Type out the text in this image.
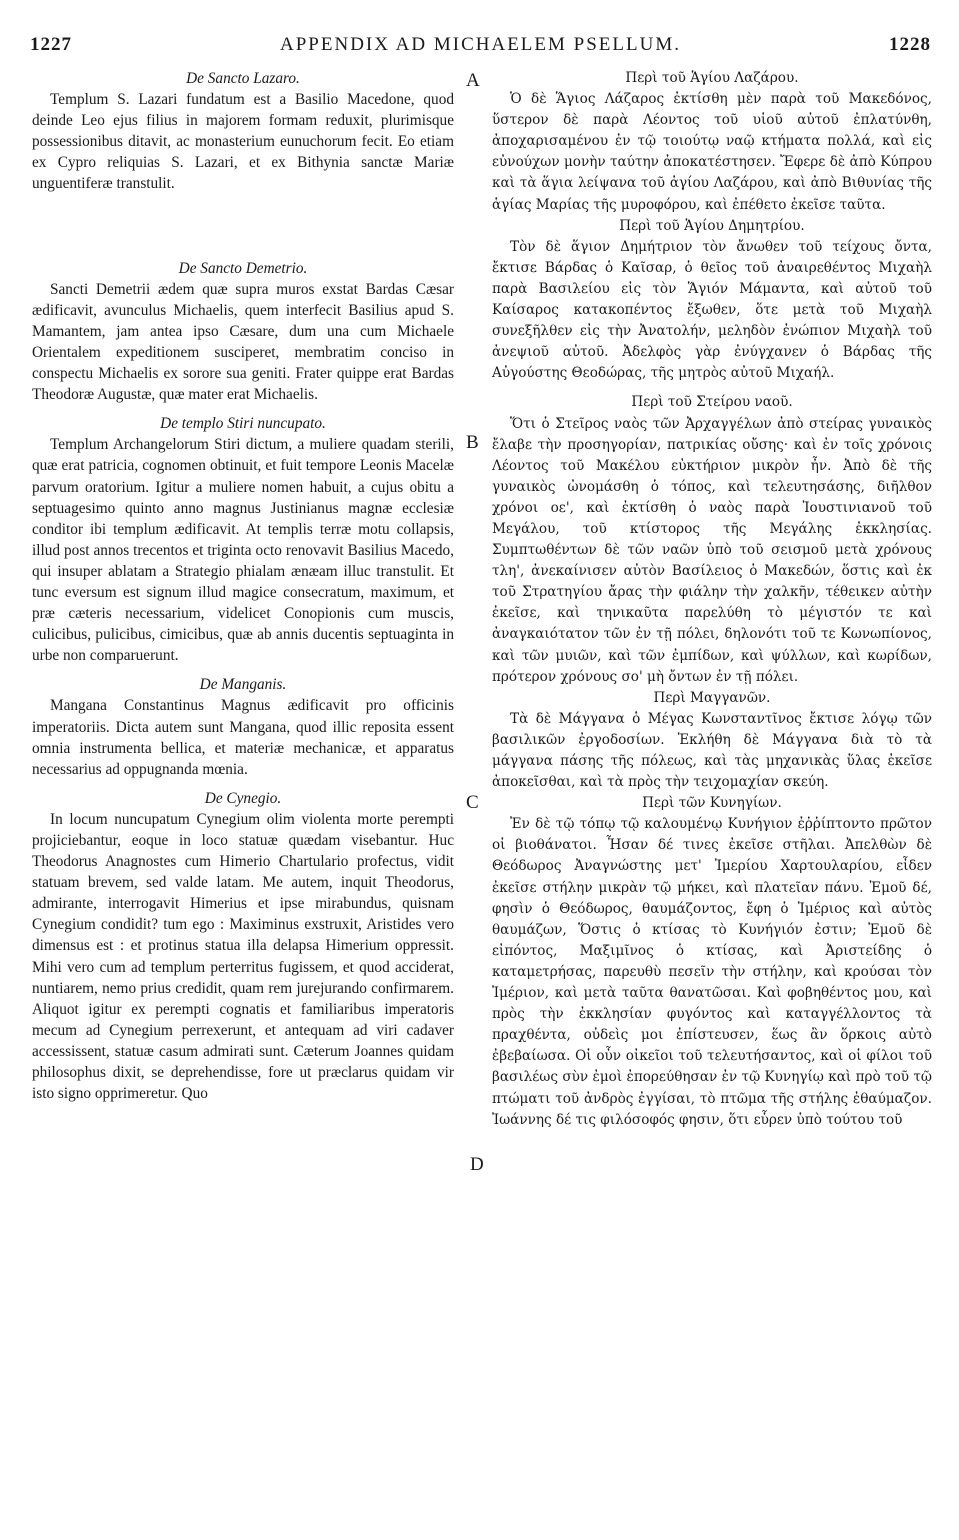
1227	APPENDIX AD MICHAELEM PSELLUM.	1228
A
B
C
D

De Sancto Lazaro.

Templum S. Lazari fundatum est a Basilio Macedone, quod deinde Leo ejus filius in majorem formam reduxit, plurimisque possessionibus ditavit, ac monasterium eunuchorum fecit. Eo etiam ex Cypro reliquias S. Lazari, et ex Bithynia sanctæ Mariæ unguentiferæ transtulit.

De Sancto Demetrio.

Sancti Demetrii ædem quæ supra muros exstat Bardas Cæsar ædificavit, avunculus Michaelis, quem interfecit Basilius apud S. Mamantem, jam antea ipso Cæsare, dum una cum Michaele Orientalem expeditionem susciperet, membratim conciso in conspectu Michaelis ex sorore sua geniti. Frater quippe erat Bardas Theodoræ Augustæ, quæ mater erat Michaelis.

De templo Stiri nuncupato.

Templum Archangelorum Stiri dictum, a muliere quadam sterili, quæ erat patricia, cognomen obtinuit, et fuit tempore Leonis Macelæ parvum oratorium. Igitur a muliere nomen habuit, a cujus obitu a septuagesimo quinto anno magnus Justinianus magnæ ecclesiæ conditor ibi templum ædificavit. At templis terræ motu collapsis, illud post annos trecentos et triginta octo renovavit Basilius Macedo, qui insuper ablatam a Strategio phialam ænæam illuc transtulit. Et tunc eversum est signum illud magice consecratum, maximum, et præ cæteris necessarium, videlicet Conopionis cum muscis, culicibus, pulicibus, cimicibus, quæ ab annis ducentis septuaginta in urbe non comparuerunt.

De Manganis.

Mangana Constantinus Magnus ædificavit pro officinis imperatoriis. Dicta autem sunt Mangana, quod illic reposita essent omnia instrumenta bellica, et materiæ mechanicæ, et apparatus necessarius ad oppugnanda mœnia.

De Cynegio.

In locum nuncupatum Cynegium olim violenta morte perempti projiciebantur, eoque in loco statuæ quædam visebantur. Huc Theodorus Anagnostes cum Himerio Chartulario profectus, vidit statuam brevem, sed valde latam. Me autem, inquit Theodorus, admirante, interrogavit Himerius et ipse mirabundus, quisnam Cynegium condidit? tum ego : Maximinus exstruxit, Aristides vero dimensus est : et protinus statua illa delapsa Himerium oppressit. Mihi vero cum ad templum perterritus fugissem, et quod acciderat, nuntiarem, nemo prius credidit, quam rem jurejurando confirmarem. Aliquot igitur ex perempti cognatis et familiaribus imperatoris mecum ad Cynegium perrexerunt, et antequam ad viri cadaver accessissent, statuæ casum admirati sunt. Cæterum Joannes quidam philosophus dixit, se deprehendisse, fore ut præclarus quidam vir isto signo opprimeretur. Quo

Περὶ τοῦ Ἁγίου Λαζάρου.

Ὁ δὲ Ἅγιος Λάζαρος ἐκτίσθη μὲν παρὰ τοῦ Μακεδόνος, ὕστερον δὲ παρὰ Λέοντος τοῦ υἱοῦ αὐτοῦ ἐπλατύνθη, ἀποχαρισαμένου ἐν τῷ τοιούτῳ ναῷ κτήματα πολλά, καὶ εἰς εὐνούχων μονὴν ταύτην ἀποκατέστησεν. Ἔφερε δὲ ἀπὸ Κύπρου καὶ τὰ ἅγια λείψανα τοῦ ἁγίου Λαζάρου, καὶ ἀπὸ Βιθυνίας τῆς ἁγίας Μαρίας τῆς μυροφόρου, καὶ ἐπέθετο ἐκεῖσε ταῦτα.

Περὶ τοῦ Ἁγίου Δημητρίου.

Τὸν δὲ ἅγιον Δημήτριον τὸν ἄνωθεν τοῦ τείχους ὄντα, ἔκτισε Βάρδας ὁ Καῖσαρ, ὁ θεῖος τοῦ ἀναιρεθέντος Μιχαὴλ παρὰ Βασιλείου εἰς τὸν Ἅγιόν Μάμαντα, καὶ αὐτοῦ τοῦ Καίσαρος κατακοπέντος ἔξωθεν, ὅτε μετὰ τοῦ Μιχαὴλ συνεξῆλθεν εἰς τὴν Ἀνατολήν, μεληδὸν ἐνώπιον Μιχαὴλ τοῦ ἀνεψιοῦ αὐτοῦ. Ἀδελφὸς γὰρ ἐνύγχανεν ὁ Βάρδας τῆς Αὐγούστης Θεοδώρας, τῆς μητρὸς αὐτοῦ Μιχαήλ.

Περὶ τοῦ Στείρου ναοῦ.

Ὅτι ὁ Στεῖρος ναὸς τῶν Ἀρχαγγέλων ἀπὸ στείρας γυναικὸς ἔλαβε τὴν προσηγορίαν, πατρικίας οὔσης· καὶ ἐν τοῖς χρόνοις Λέοντος τοῦ Μακέλου εὐκτήριον μικρὸν ἦν. Ἀπὸ δὲ τῆς γυναικὸς ὠνομάσθη ὁ τόπος, καὶ τελευτησάσης, διῆλθον χρόνοι οε', καὶ ἐκτίσθη ὁ ναὸς παρὰ Ἰουστινιανοῦ τοῦ Μεγάλου, τοῦ κτίστορος τῆς Μεγάλης ἐκκλησίας. Συμπτωθέντων δὲ τῶν ναῶν ὑπὸ τοῦ σεισμοῦ μετὰ χρόνους τλη', ἀνεκαίνισεν αὐτὸν Βασίλειος ὁ Μακεδών, ὅστις καὶ ἐκ τοῦ Στρατηγίου ἄρας τὴν φιάλην τὴν χαλκῆν, τέθεικεν αὐτὴν ἐκεῖσε, καὶ τηνικαῦτα παρελύθη τὸ μέγιστόν τε καὶ ἀναγκαιότατον τῶν ἐν τῇ πόλει, δηλονότι τοῦ τε Κωνωπίονος, καὶ τῶν μυιῶν, καὶ τῶν ἐμπίδων, καὶ ψύλλων, καὶ κωρίδων, πρότερον χρόνους σο' μὴ ὄντων ἐν τῇ πόλει.

Περὶ Μαγγανῶν.

Τὰ δὲ Μάγγανα ὁ Μέγας Κωνσταντῖνος ἔκτισε λόγῳ τῶν βασιλικῶν ἐργοδοσίων. Ἐκλήθη δὲ Μάγγανα διὰ τὸ τὰ μάγγανα πάσης τῆς πόλεως, καὶ τὰς μηχανικὰς ὕλας ἐκεῖσε ἀποκεῖσθαι, καὶ τὰ πρὸς τὴν τειχομαχίαν σκεύη.

Περὶ τῶν Κυνηγίων.

Ἐν δὲ τῷ τόπῳ τῷ καλουμένῳ Κυνήγιον ἐῤῥίπτοντο πρῶτον οἱ βιοθάνατοι. Ἦσαν δέ τινες ἐκεῖσε στῆλαι. Ἀπελθὼν δὲ Θεόδωρος Ἀναγνώστης μετ' Ἰμερίου Χαρτουλαρίου, εἶδεν ἐκεῖσε στήλην μικρὰν τῷ μήκει, καὶ πλατεῖαν πάνυ. Ἐμοῦ δέ, φησὶν ὁ Θεόδωρος, θαυμάζοντος, ἔφη ὁ Ἰμέριος καὶ αὐτὸς θαυμάζων, Ὅστις ὁ κτίσας τὸ Κυνήγιόν ἐστιν; Ἐμοῦ δὲ εἰπόντος, Μαξιμῖνος ὁ κτίσας, καὶ Ἀριστείδης ὁ καταμετρήσας, παρευθὺ πεσεῖν τὴν στήλην, καὶ κρούσαι τὸν Ἰμέριον, καὶ μετὰ ταῦτα θανατῶσαι. Καὶ φοβηθέντος μου, καὶ πρὸς τὴν ἐκκλησίαν φυγόντος καὶ καταγγέλλοντος τὰ πραχθέντα, οὐδεὶς μοι ἐπίστευσεν, ἕως ἂν ὅρκοις αὐτὸ ἐβεβαίωσα. Οἱ οὖν οἰκεῖοι τοῦ τελευτήσαντος, καὶ οἱ φίλοι τοῦ βασιλέως σὺν ἐμοὶ ἐπορεύθησαν ἐν τῷ Κυνηγίῳ καὶ πρὸ τοῦ τῷ πτώματι τοῦ ἀνδρὸς ἐγγίσαι, τὸ πτῶμα τῆς στήλης ἐθαύμαζον. Ἰωάννης δέ τις φιλόσοφός φησιν, ὅτι εὗρεν ὑπὸ τούτου τοῦ
